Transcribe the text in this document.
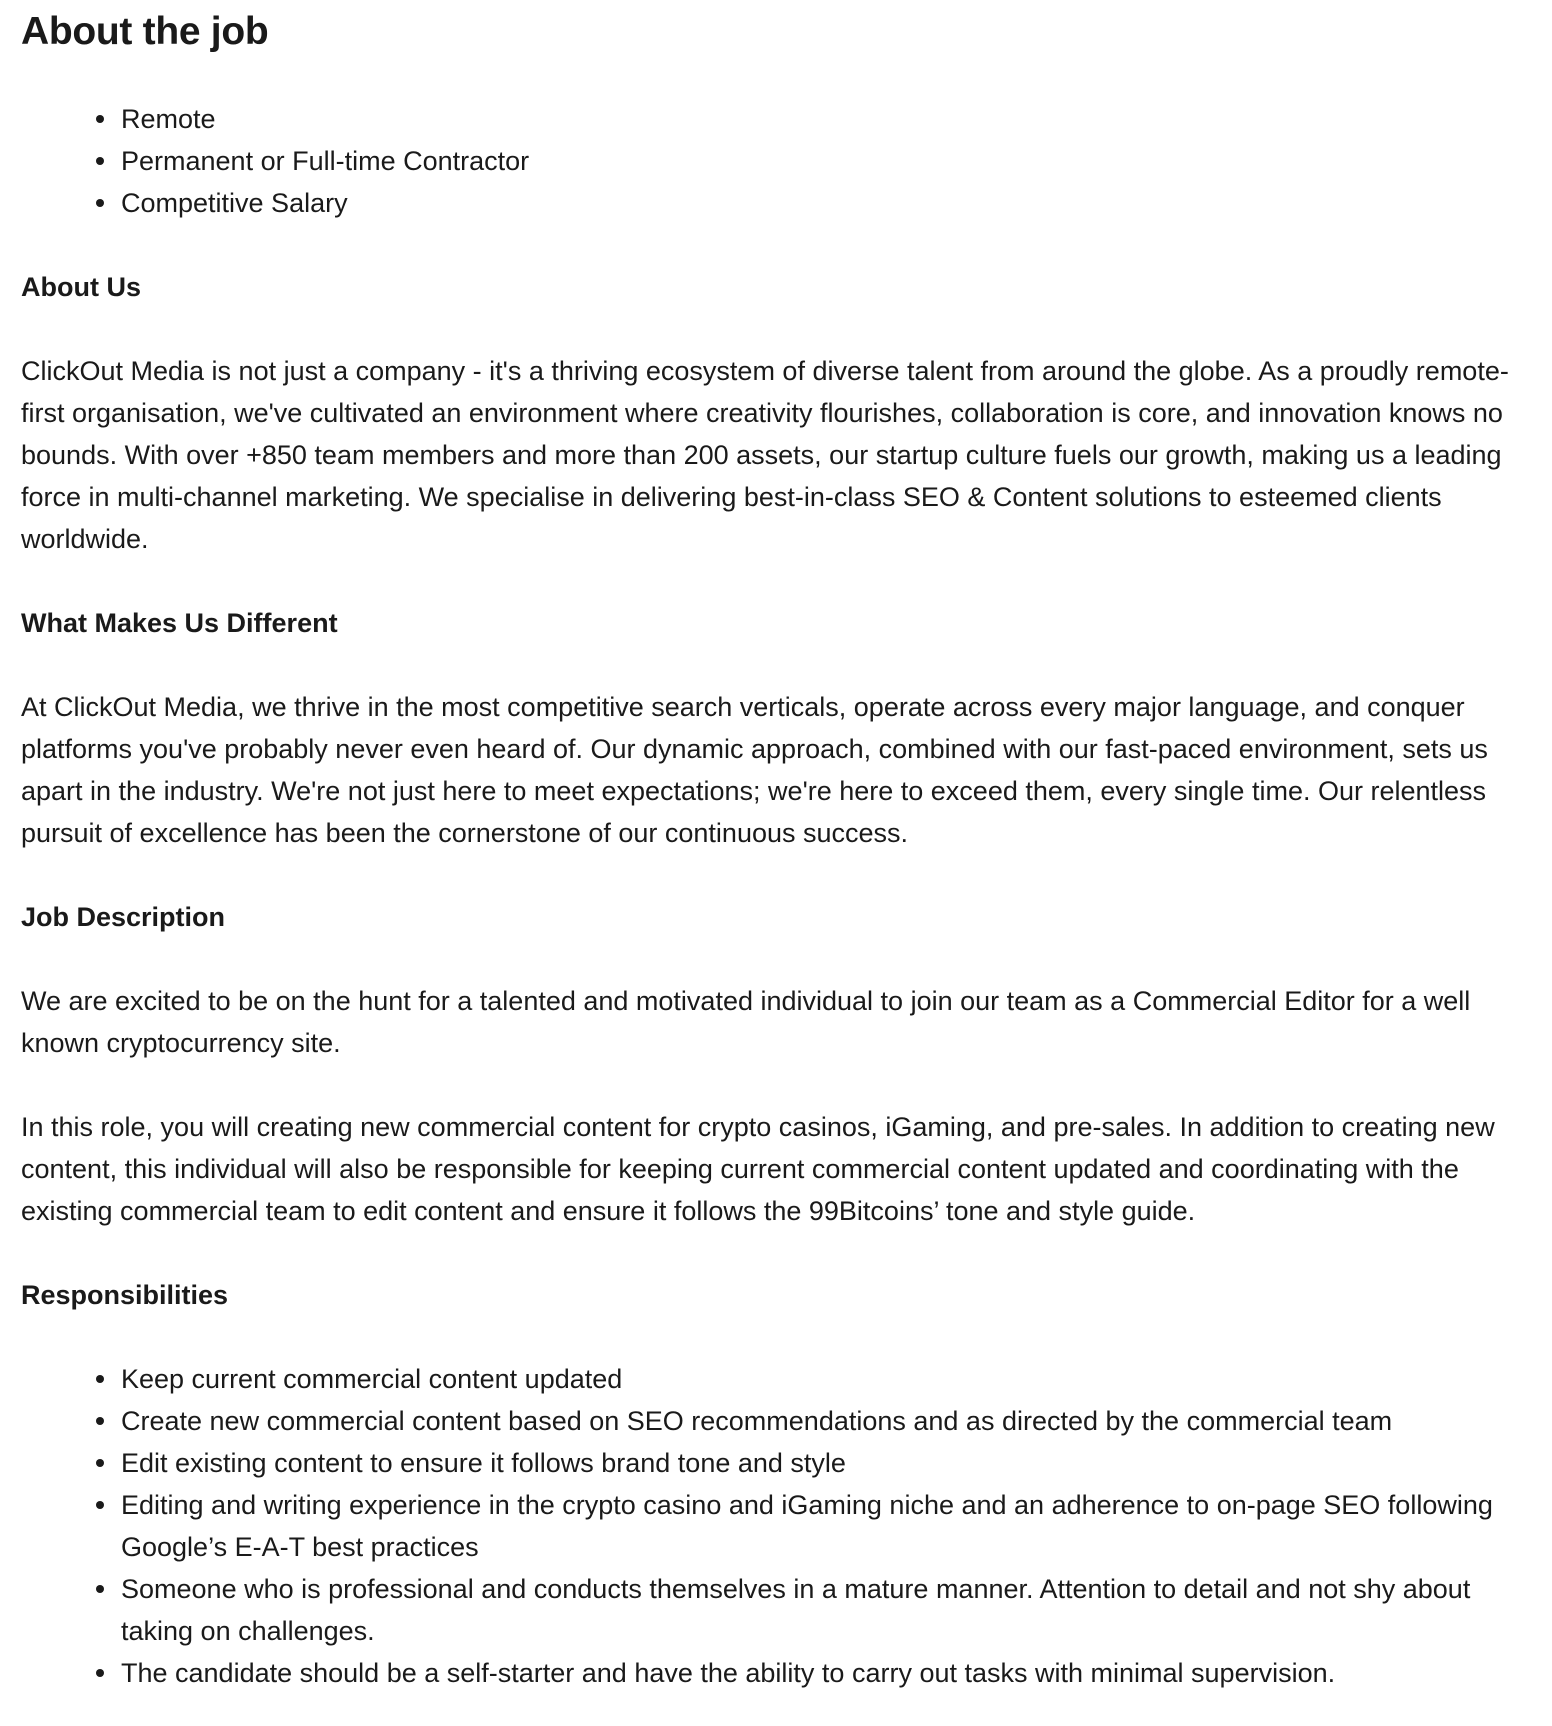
About the job
Remote
Permanent or Full-time Contractor
Competitive Salary
About Us

ClickOut Media is not just a company - it's a thriving ecosystem of diverse talent from around the globe. As a proudly remote-first organisation, we've cultivated an environment where creativity flourishes, collaboration is core, and innovation knows no bounds. With over +850 team members and more than 200 assets, our startup culture fuels our growth, making us a leading force in multi-channel marketing. We specialise in delivering best-in-class SEO & Content solutions to esteemed clients worldwide.

What Makes Us Different

At ClickOut Media, we thrive in the most competitive search verticals, operate across every major language, and conquer platforms you've probably never even heard of. Our dynamic approach, combined with our fast-paced environment, sets us apart in the industry. We're not just here to meet expectations; we're here to exceed them, every single time. Our relentless pursuit of excellence has been the cornerstone of our continuous success.

Job Description

We are excited to be on the hunt for a talented and motivated individual to join our team as a Commercial Editor for a well known cryptocurrency site.

In this role, you will creating new commercial content for crypto casinos, iGaming, and pre-sales. In addition to creating new content, this individual will also be responsible for keeping current commercial content updated and coordinating with the existing commercial team to edit content and ensure it follows the 99Bitcoins’ tone and style guide.

Responsibilities
Keep current commercial content updated
Create new commercial content based on SEO recommendations and as directed by the commercial team
Edit existing content to ensure it follows brand tone and style
Editing and writing experience in the crypto casino and iGaming niche and an adherence to on-page SEO following Google’s E-A-T best practices
Someone who is professional and conducts themselves in a mature manner. Attention to detail and not shy about taking on challenges.
The candidate should be a self-starter and have the ability to carry out tasks with minimal supervision.
